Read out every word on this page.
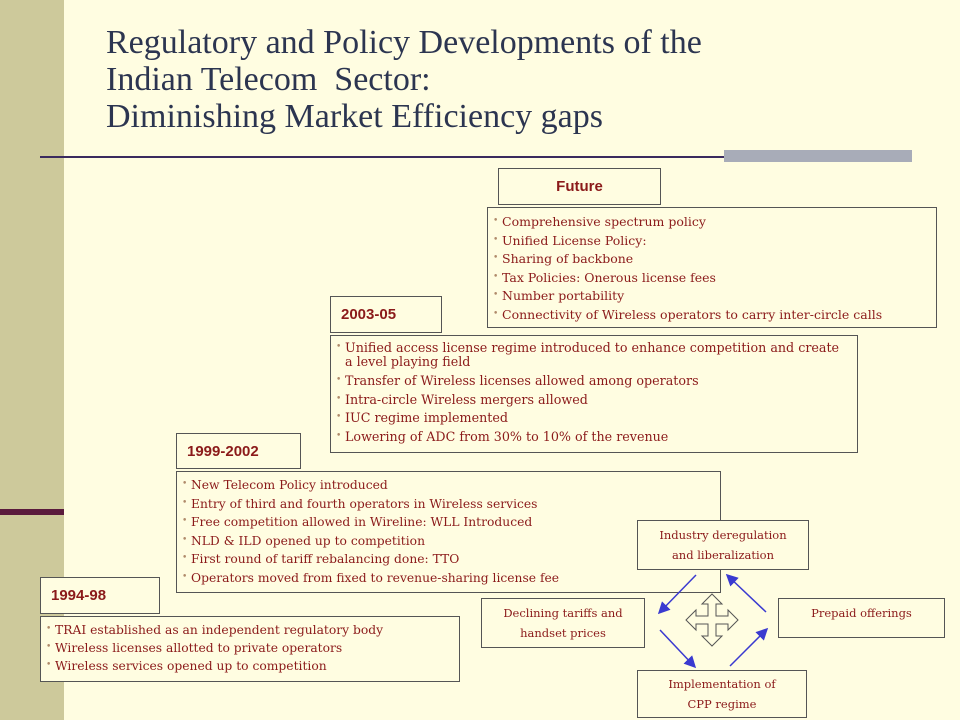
Regulatory and Policy Developments of the
Indian Telecom  Sector:
Diminishing Market Efficiency gaps
Future
• Comprehensive spectrum policy
• Unified License Policy:
• Sharing of backbone
• Tax Policies: Onerous license fees
• Number portability
• Connectivity of Wireless operators to carry inter-circle calls
2003-05
• Unified access license regime introduced to enhance competition and create a level playing field
• Transfer of Wireless licenses allowed among operators
• Intra-circle Wireless mergers allowed
• IUC regime implemented
• Lowering of ADC from 30% to 10% of the revenue
1999-2002
• New Telecom Policy introduced
• Entry of third and fourth operators in Wireless services
• Free competition allowed in Wireline: WLL Introduced
• NLD & ILD opened up to competition
• First round of tariff rebalancing done: TTO
• Operators moved from fixed to revenue-sharing license fee
1994-98
• TRAI established as an independent regulatory body
• Wireless licenses allotted to private operators
• Wireless services opened up to competition
Industry deregulation
and liberalization
Declining tariffs and
handset prices
Prepaid offerings
Implementation of
CPP regime
